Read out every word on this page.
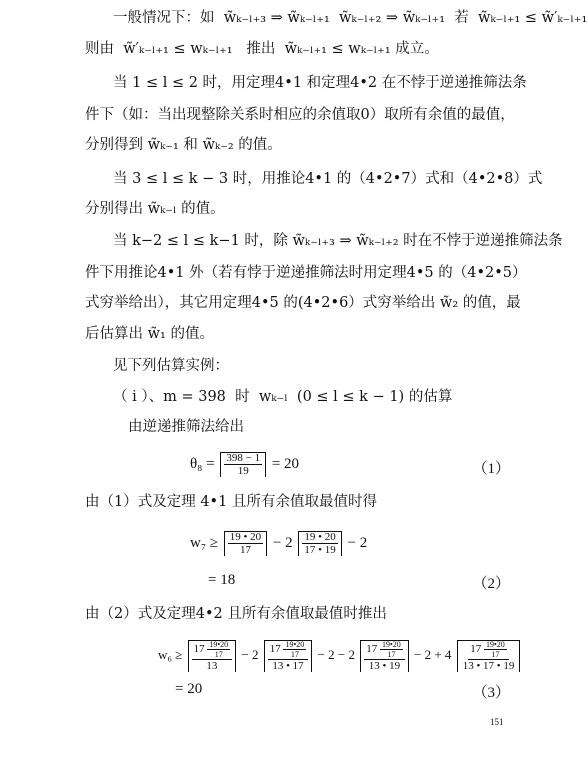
一般情况下：如  w̃ₖ₋ₗ₊₃ ⇒ w̃ₖ₋ₗ₊₁  w̃ₖ₋ₗ₊₂ ⇒ w̃ₖ₋ₗ₊₁  若  w̃ₖ₋ₗ₊₁ ≤ w̃′ₖ₋ₗ₊₁
则由  w̃′ₖ₋ₗ₊₁ ≤ wₖ₋ₗ₊₁   推出  w̃ₖ₋ₗ₊₁ ≤ wₖ₋ₗ₊₁ 成立。
当 1 ≤ l ≤ 2 时，用定理4•1 和定理4•2 在不悖于逆递推筛法条
件下（如：当出现整除关系时相应的余值取0）取所有余值的最值，
分别得到 w̃ₖ₋₁ 和 w̃ₖ₋₂ 的值。
当 3 ≤ l ≤ k − 3 时，用推论4•1 的（4•2•7）式和（4•2•8）式
分别得出 w̃ₖ₋ₗ 的值。
当 k−2 ≤ l ≤ k−1 时，除 w̃ₖ₋ₗ₊₃ ⇒ w̃ₖ₋ₗ₊₂ 时在不悖于逆递推筛法条
件下用推论4•1 外（若有悖于逆递推筛法时用定理4•5 的（4•2•5）
式穷举给出），其它用定理4•5 的(4•2•6）式穷举给出 w̃₂ 的值，最
后估算出 w̃₁ 的值。
见下列估算实例：
（ i ）、m = 398  时  wₖ₋ₗ  (0 ≤ l ≤ k − 1) 的估算
由逆递推筛法给出
$\theta_8 = \frac{398 - 1}{19} = 20$	（1）
由（1）式及定理 4•1 且所有余值取最值时得
$w_7 \ge \frac{19 • 20}{17} - 2 \frac{19 • 20}{17 • 19} - 2$
= 18	（2）
由（2）式及定理4•2 且所有余值取最值时推出
$w_6 \ge \frac{17 \frac{19•20}{17}}{13} - 2 \frac{17 \frac{19•20}{17}}{13 • 17} - 2 - 2 \frac{17 \frac{19•20}{17}}{13 • 19} - 2 + 4 \frac{17 \frac{19•20}{17}}{13 • 17 • 19}$
= 20	（3）
151
